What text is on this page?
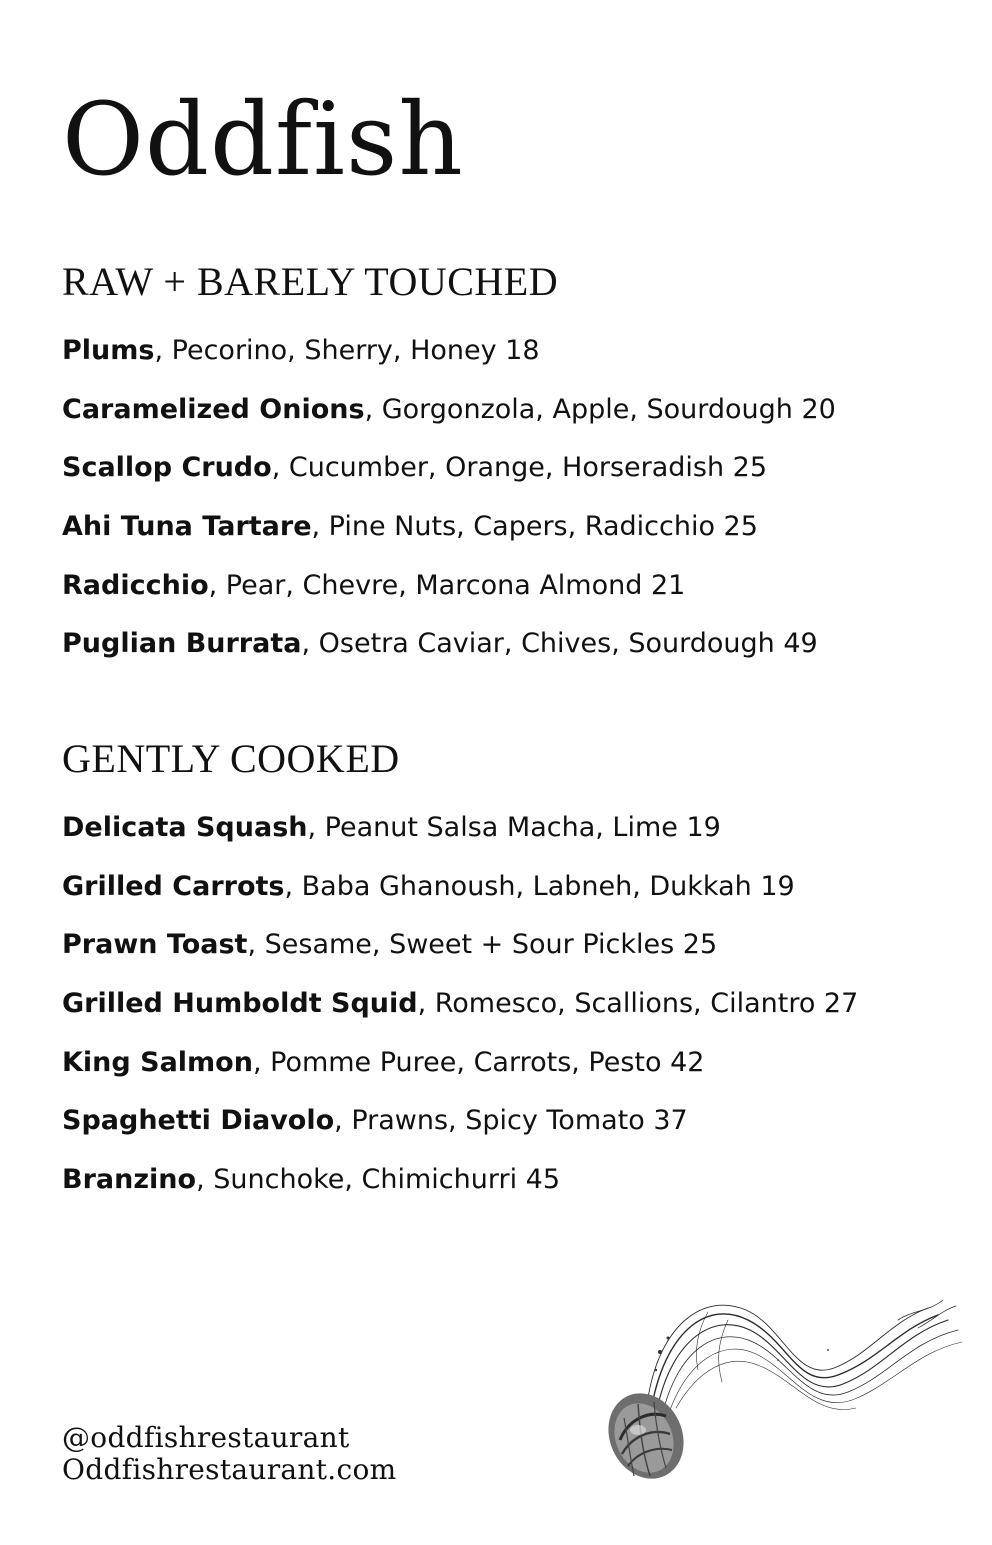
Oddfish
RAW + BARELY TOUCHED
Plums, Pecorino, Sherry, Honey 18
Caramelized Onions, Gorgonzola, Apple, Sourdough 20
Scallop Crudo, Cucumber, Orange, Horseradish 25
Ahi Tuna Tartare, Pine Nuts, Capers, Radicchio 25
Radicchio, Pear, Chevre, Marcona Almond 21
Puglian Burrata, Osetra Caviar, Chives, Sourdough 49
GENTLY COOKED
Delicata Squash, Peanut Salsa Macha, Lime 19
Grilled Carrots, Baba Ghanoush, Labneh, Dukkah 19
Prawn Toast, Sesame, Sweet + Sour Pickles 25
Grilled Humboldt Squid, Romesco, Scallions, Cilantro 27
King Salmon, Pomme Puree, Carrots, Pesto 42
Spaghetti Diavolo, Prawns, Spicy Tomato 37
Branzino, Sunchoke, Chimichurri 45
@oddfishrestaurant
Oddfishrestaurant.com
